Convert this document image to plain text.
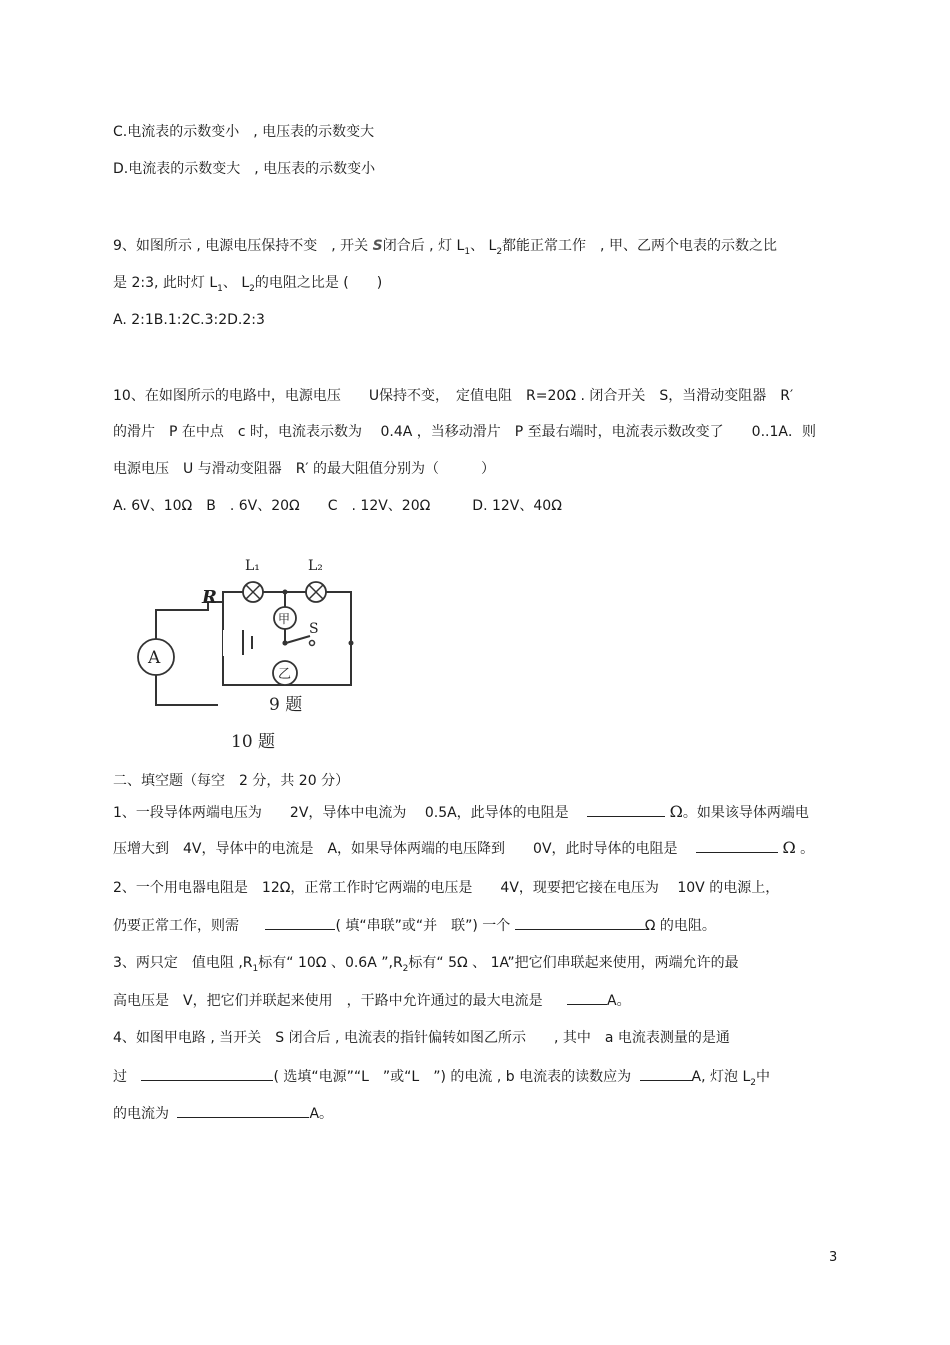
C.电流表的示数变小　, 电压表的示数变大
D.电流表的示数变大　, 电压表的示数变小
9、如图所示 , 电源电压保持不变　, 开关 S闭合后 , 灯 $L_1$、 $L_2$都能正常工作　, 甲、乙两个电表的示数之比
是 2:3, 此时灯 $L_1$、 $L_2$的电阻之比是 (　　)
A. 2:1B.1:2C.3:2D.2:3
10、在如图所示的电路中，电源电压　　U保持不变，　定值电阻　R=20Ω . 闭合开关　S，当滑动变阻器　R′
的滑片　P 在中点　c 时，电流表示数为　 0.4A ，当移动滑片　P 至最右端时，电流表示数改变了　　0..1A．则
电源电压　U 与滑动变阻器　R′ 的最大阻值分别为（　　　）
A. 6V、10Ω　B　. 6V、20Ω　　C　. 12V、20Ω　　　D. 12V、40Ω
L₁	L₂
R
S
A
甲
乙
9 题
10 题
二、填空题（每空　2 分，共 20 分）
1、一段导体两端电压为　　2V，导体中电流为　 0.5A，此导体的电阻是	Ω。如果该导体两端电
压增大到　4V，导体中的电流是　A，如果导体两端的电压降到　　0V，此时导体的电阻是	Ω 。
2、一个用电器电阻是　12Ω，正常工作时它两端的电压是　　4V，现要把它接在电压为　 10V 的电源上，
仍要正常工作，则需	( 填“串联”或“并　联”) 一个	Ω 的电阻。
3、两只定　值电阻 $,R_1$标有“ 10Ω 、0.6A $”,R_2$标有“ 5Ω 、 1A”把它们串联起来使用，两端允许的最
高电压是　V，把它们并联起来使用　，干路中允许通过的最大电流是	A。
4、如图甲电路 , 当开关　S 闭合后 , 电流表的指针偏转如图乙所示　　, 其中　a 电流表测量的是通
过	( 选填“电源”“L　”或“L　”) 的电流 , b 电流表的读数应为	A, 灯泡 $L_2$中
的电流为	A。
3
